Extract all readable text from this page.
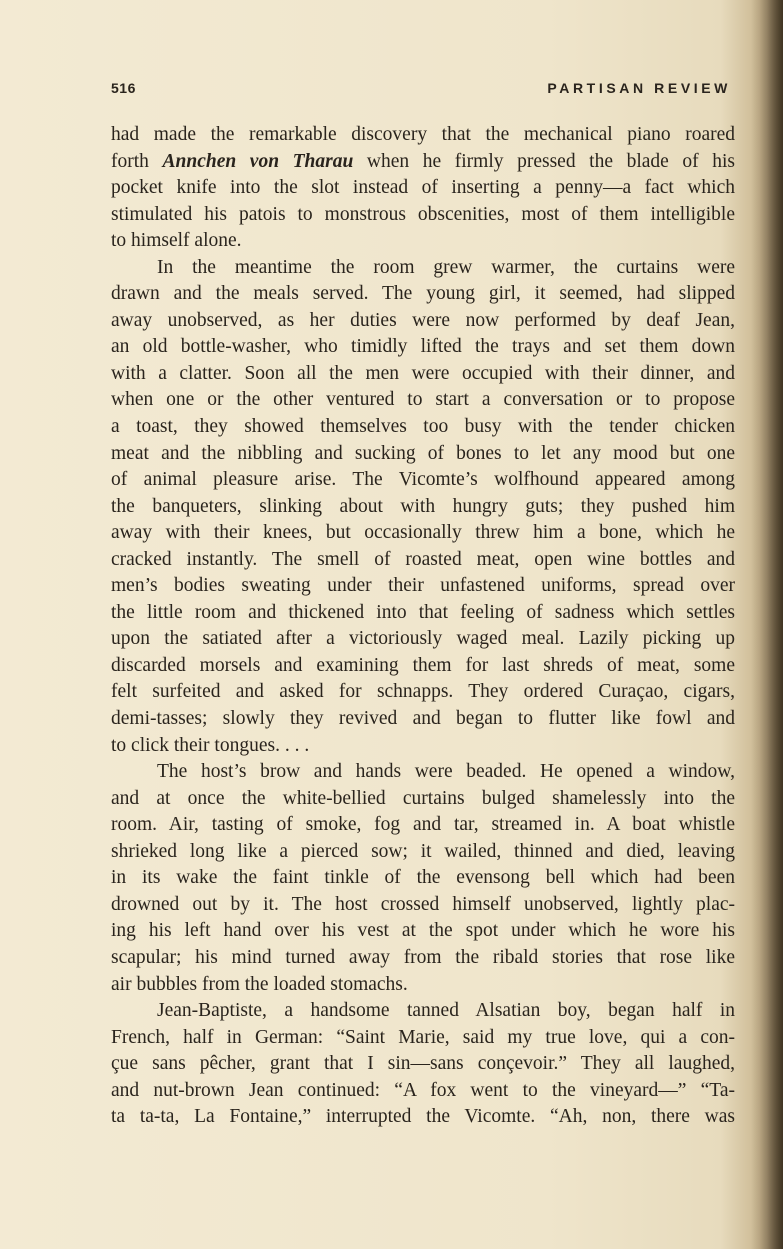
516	PARTISAN REVIEW
had made the remarkable discovery that the mechanical piano roared
forth Annchen von Tharau when he firmly pressed the blade of his
pocket knife into the slot instead of inserting a penny—a fact which
stimulated his patois to monstrous obscenities, most of them intelligible
to himself alone.
In the meantime the room grew warmer, the curtains were
drawn and the meals served. The young girl, it seemed, had slipped
away unobserved, as her duties were now performed by deaf Jean,
an old bottle-washer, who timidly lifted the trays and set them down
with a clatter. Soon all the men were occupied with their dinner, and
when one or the other ventured to start a conversation or to propose
a toast, they showed themselves too busy with the tender chicken
meat and the nibbling and sucking of bones to let any mood but one
of animal pleasure arise. The Vicomte’s wolfhound appeared among
the banqueters, slinking about with hungry guts; they pushed him
away with their knees, but occasionally threw him a bone, which he
cracked instantly. The smell of roasted meat, open wine bottles and
men’s bodies sweating under their unfastened uniforms, spread over
the little room and thickened into that feeling of sadness which settles
upon the satiated after a victoriously waged meal. Lazily picking up
discarded morsels and examining them for last shreds of meat, some
felt surfeited and asked for schnapps. They ordered Curaçao, cigars,
demi-tasses; slowly they revived and began to flutter like fowl and
to click their tongues. . . .
The host’s brow and hands were beaded. He opened a window,
and at once the white-bellied curtains bulged shamelessly into the
room. Air, tasting of smoke, fog and tar, streamed in. A boat whistle
shrieked long like a pierced sow; it wailed, thinned and died, leaving
in its wake the faint tinkle of the evensong bell which had been
drowned out by it. The host crossed himself unobserved, lightly plac-
ing his left hand over his vest at the spot under which he wore his
scapular; his mind turned away from the ribald stories that rose like
air bubbles from the loaded stomachs.
Jean-Baptiste, a handsome tanned Alsatian boy, began half in
French, half in German: “Saint Marie, said my true love, qui a con-
çue sans pêcher, grant that I sin—sans conçevoir.” They all laughed,
and nut-brown Jean continued: “A fox went to the vineyard—” “Ta-
ta ta-ta, La Fontaine,” interrupted the Vicomte. “Ah, non, there was
